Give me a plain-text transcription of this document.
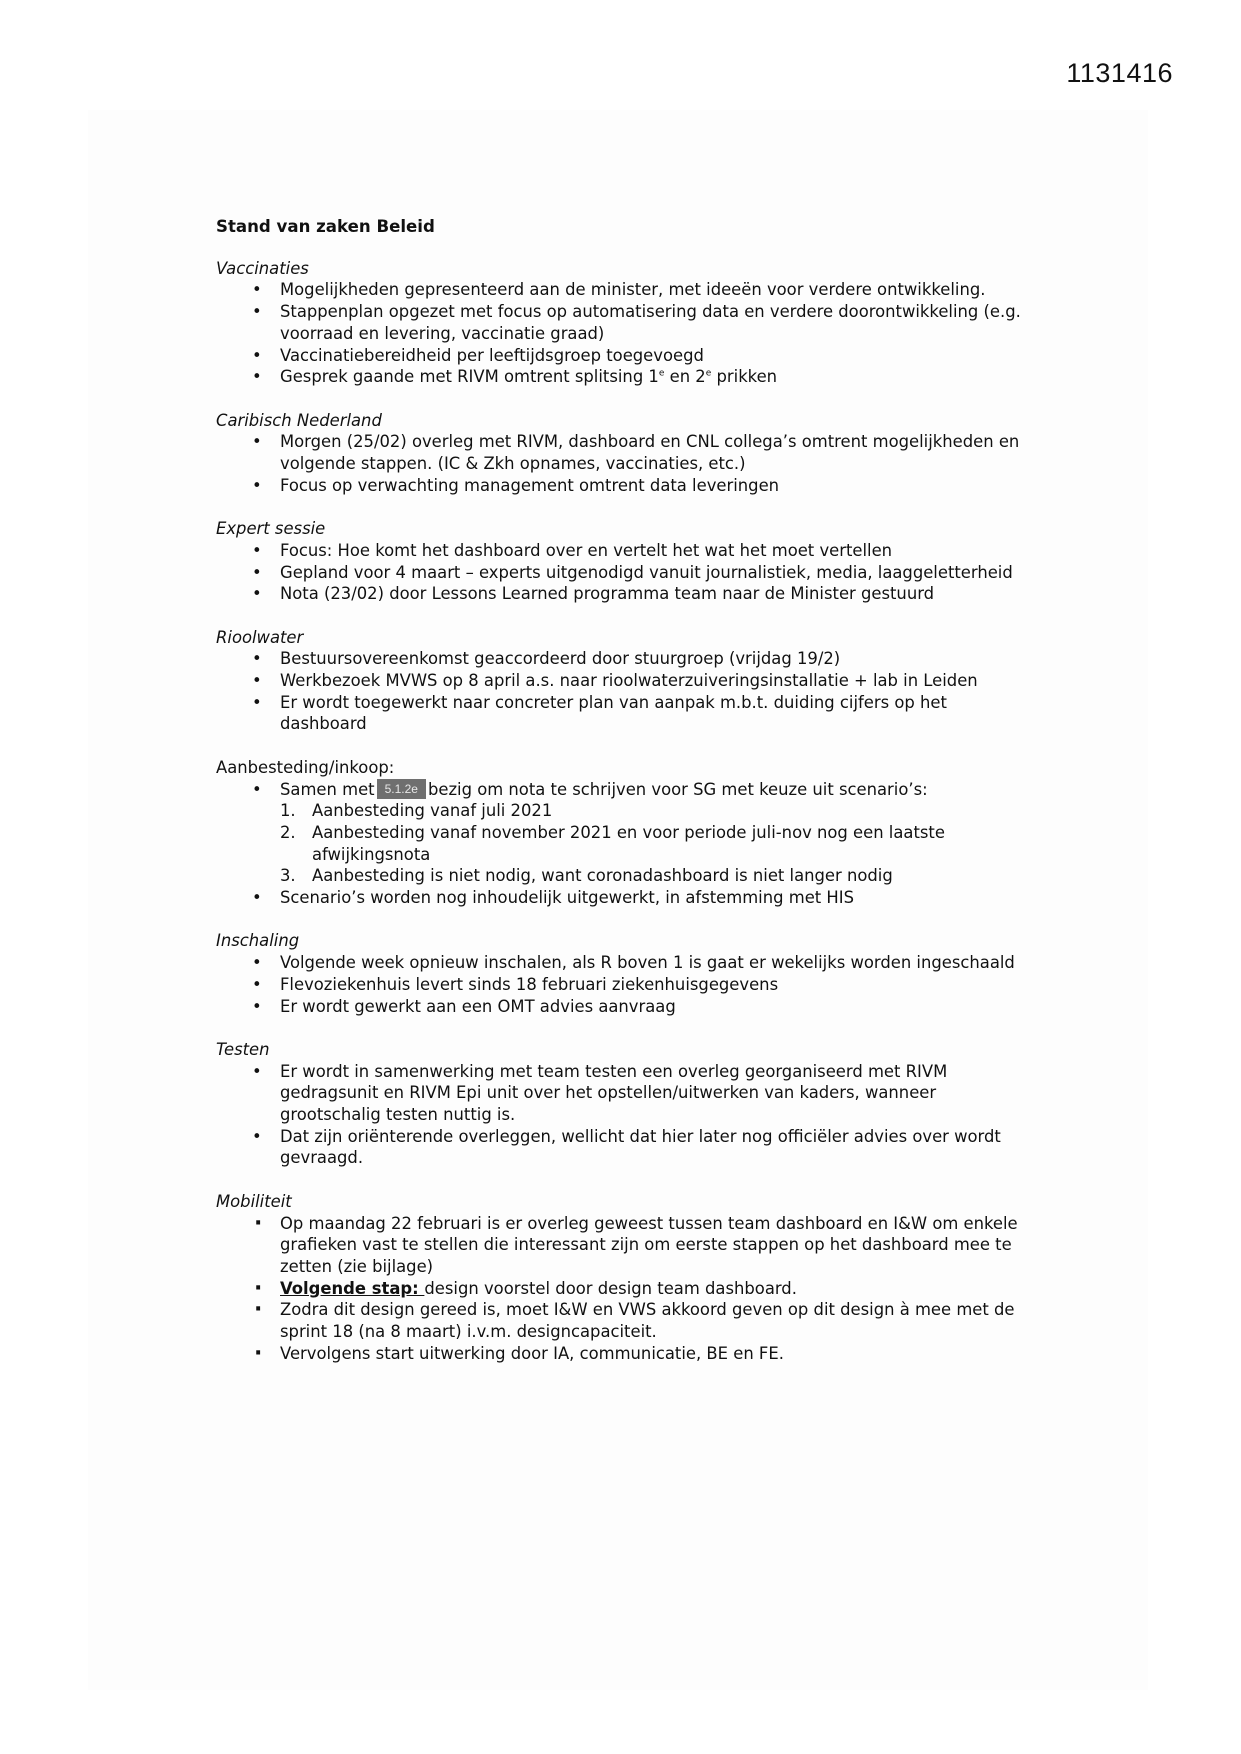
1131416
Stand van zaken Beleid
Vaccinaties
• Mogelijkheden gepresenteerd aan de minister, met ideeën voor verdere ontwikkeling.
• Stappenplan opgezet met focus op automatisering data en verdere doorontwikkeling (e.g. voorraad en levering, vaccinatie graad)
• Vaccinatiebereidheid per leeftijdsgroep toegevoegd
• Gesprek gaande met RIVM omtrent splitsing 1e en 2e prikken
Caribisch Nederland
• Morgen (25/02) overleg met RIVM, dashboard en CNL collega’s omtrent mogelijkheden en volgende stappen. (IC & Zkh opnames, vaccinaties, etc.)
• Focus op verwachting management omtrent data leveringen
Expert sessie
• Focus: Hoe komt het dashboard over en vertelt het wat het moet vertellen
• Gepland voor 4 maart – experts uitgenodigd vanuit journalistiek, media, laaggeletterheid
• Nota (23/02) door Lessons Learned programma team naar de Minister gestuurd
Rioolwater
• Bestuursovereenkomst geaccordeerd door stuurgroep (vrijdag 19/2)
• Werkbezoek MVWS op 8 april a.s. naar rioolwaterzuiveringsinstallatie + lab in Leiden
• Er wordt toegewerkt naar concreter plan van aanpak m.b.t. duiding cijfers op het dashboard
Aanbesteding/inkoop:
• Samen met 5.1.2e bezig om nota te schrijven voor SG met keuze uit scenario’s:
1. Aanbesteding vanaf juli 2021
2. Aanbesteding vanaf november 2021 en voor periode juli-nov nog een laatste afwijkingsnota
3. Aanbesteding is niet nodig, want coronadashboard is niet langer nodig
• Scenario’s worden nog inhoudelijk uitgewerkt, in afstemming met HIS
Inschaling
• Volgende week opnieuw inschalen, als R boven 1 is gaat er wekelijks worden ingeschaald
• Flevoziekenhuis levert sinds 18 februari ziekenhuisgegevens
• Er wordt gewerkt aan een OMT advies aanvraag
Testen
• Er wordt in samenwerking met team testen een overleg georganiseerd met RIVM gedragsunit en RIVM Epi unit over het opstellen/uitwerken van kaders, wanneer grootschalig testen nuttig is.
• Dat zijn oriënterende overleggen, wellicht dat hier later nog officiëler advies over wordt gevraagd.
Mobiliteit
· Op maandag 22 februari is er overleg geweest tussen team dashboard en I&W om enkele grafieken vast te stellen die interessant zijn om eerste stappen op het dashboard mee te zetten (zie bijlage)
· Volgende stap: design voorstel door design team dashboard.
· Zodra dit design gereed is, moet I&W en VWS akkoord geven op dit design à mee met de sprint 18 (na 8 maart) i.v.m. designcapaciteit.
· Vervolgens start uitwerking door IA, communicatie, BE en FE.
